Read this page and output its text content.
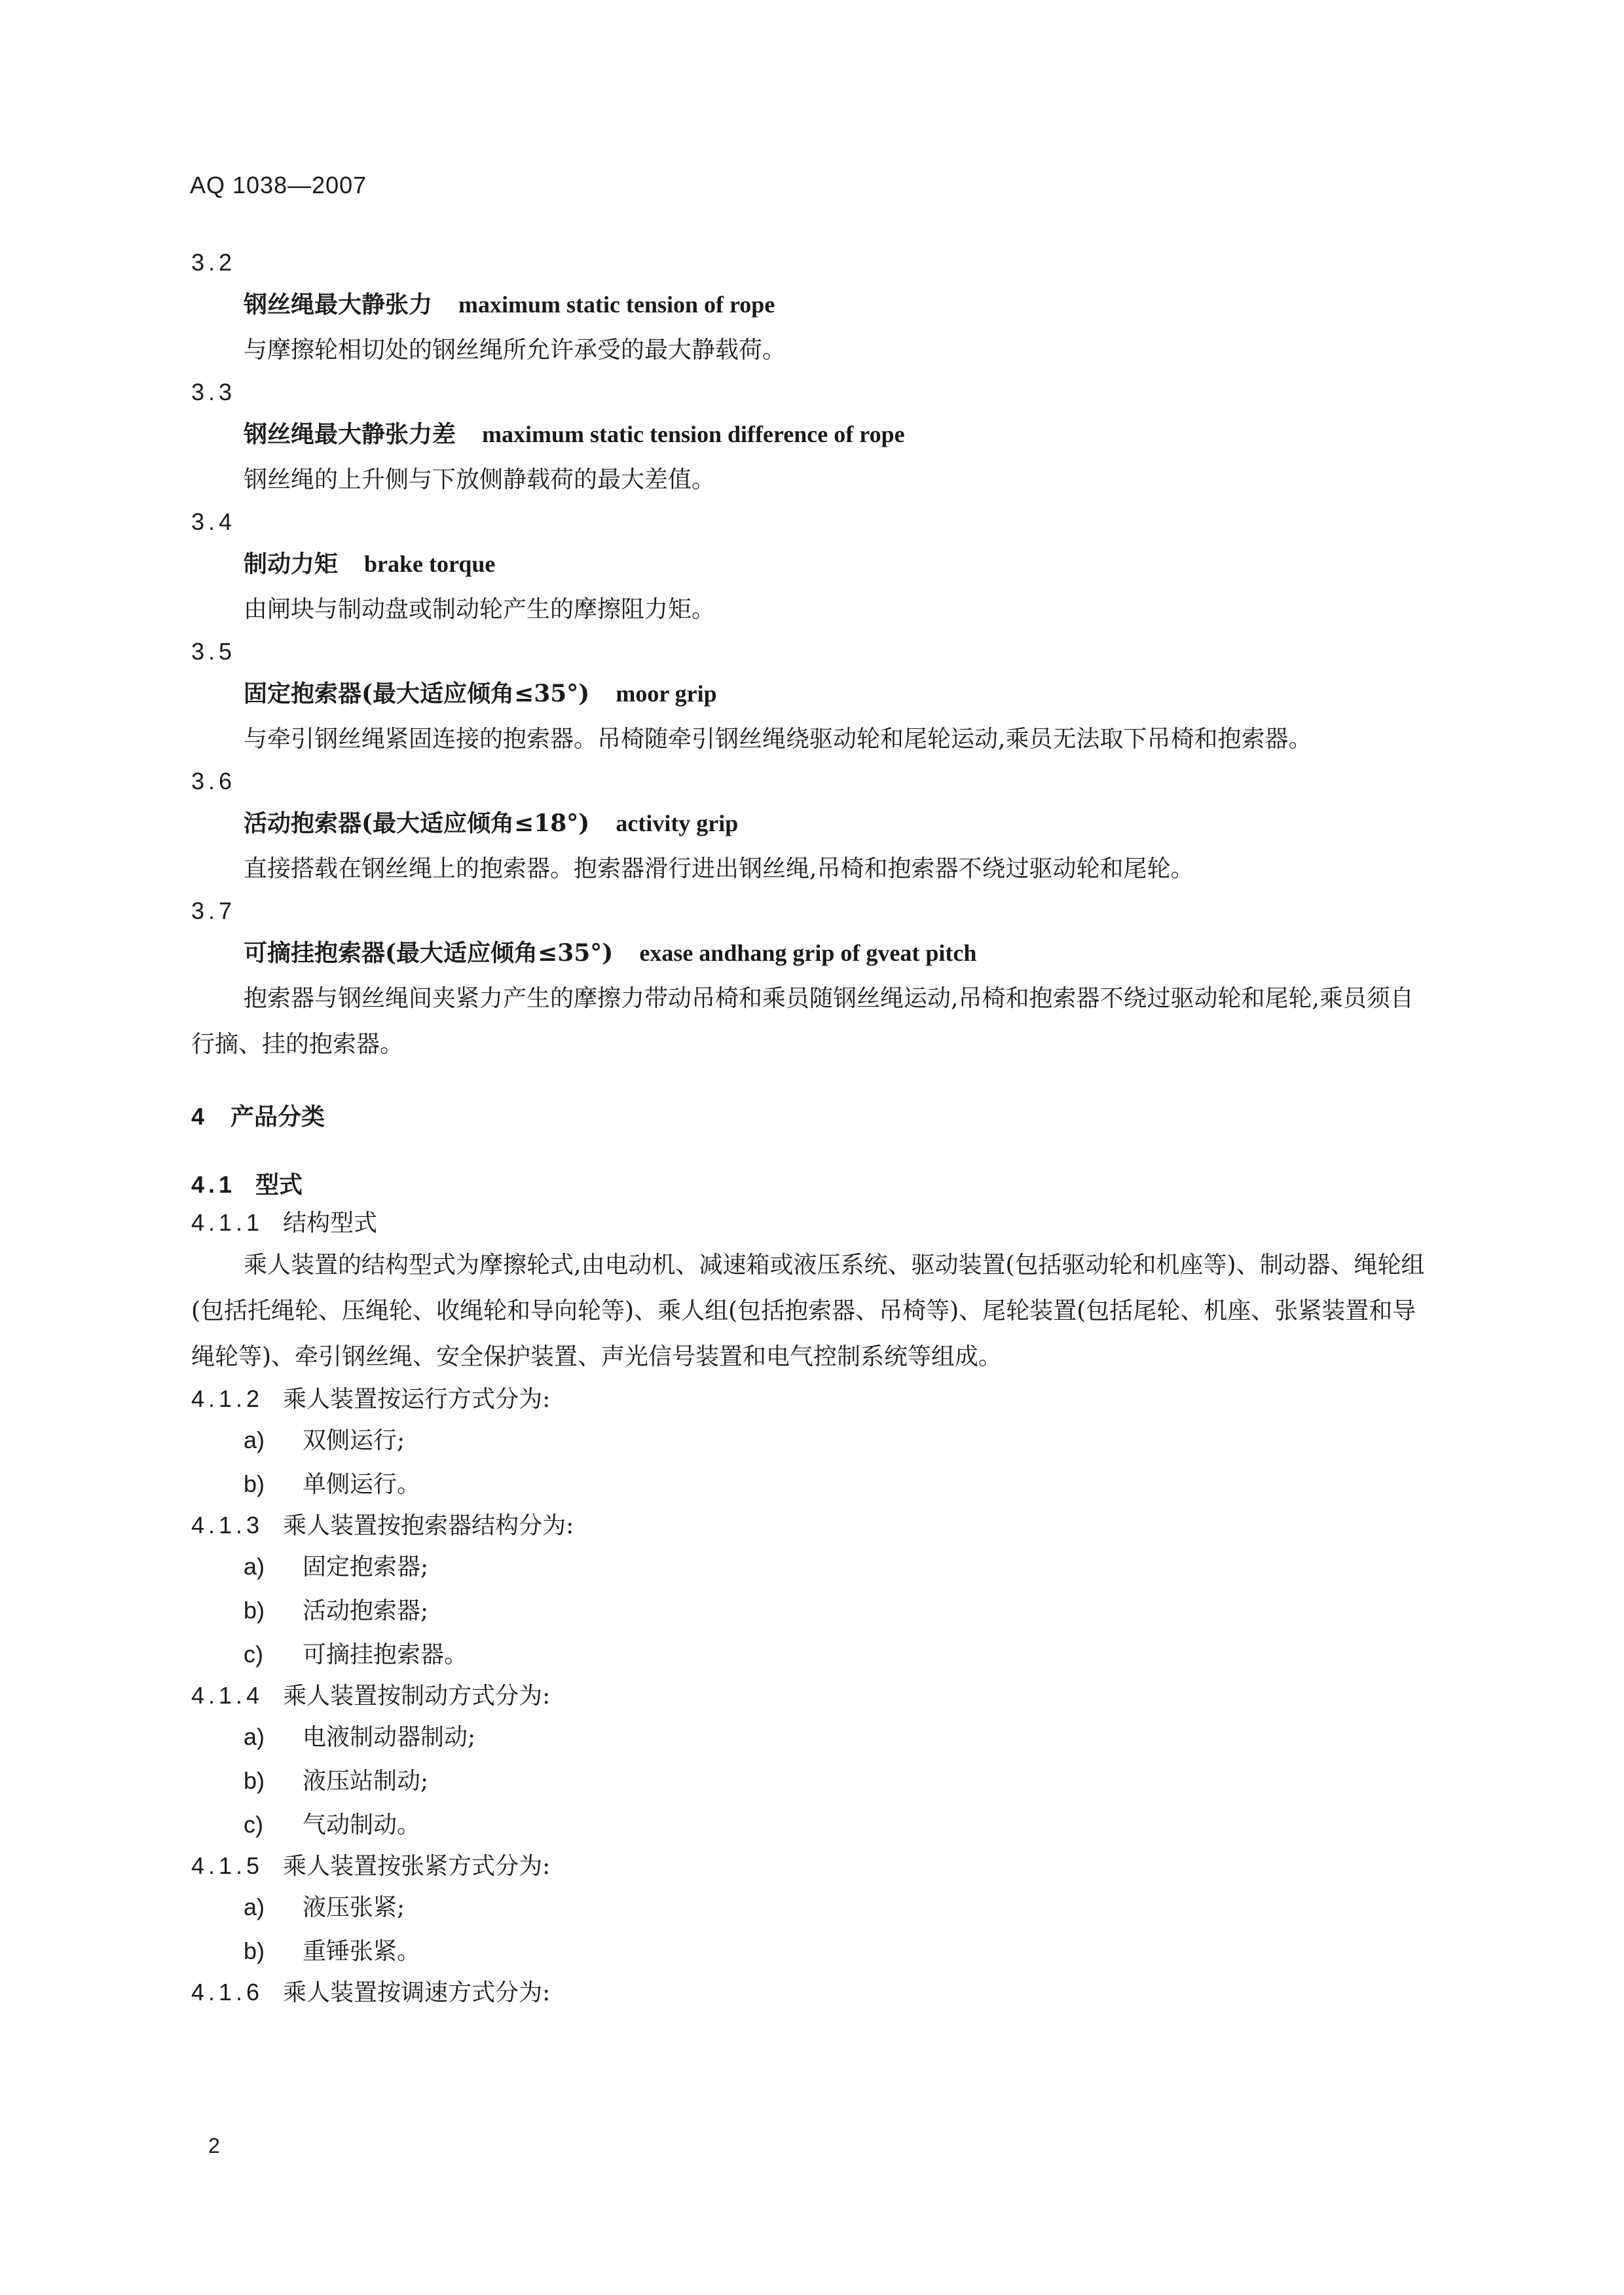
AQ 1038—2007
3.2
钢丝绳最大静张力 maximum static tension of rope

与摩擦轮相切处的钢丝绳所允许承受的最大静载荷。

3.3
钢丝绳最大静张力差 maximum static tension difference of rope

钢丝绳的上升侧与下放侧静载荷的最大差值。

3.4
制动力矩 brake torque

由闸块与制动盘或制动轮产生的摩擦阻力矩。

3.5
固定抱索器(最大适应倾角≤35°) moor grip

与牵引钢丝绳紧固连接的抱索器。吊椅随牵引钢丝绳绕驱动轮和尾轮运动,乘员无法取下吊椅和抱索器。

3.6
活动抱索器(最大适应倾角≤18°) activity grip

直接搭载在钢丝绳上的抱索器。抱索器滑行进出钢丝绳,吊椅和抱索器不绕过驱动轮和尾轮。

3.7
可摘挂抱索器(最大适应倾角≤35°) exase andhang grip of gveat pitch

抱索器与钢丝绳间夹紧力产生的摩擦力带动吊椅和乘员随钢丝绳运动,吊椅和抱索器不绕过驱动轮和尾轮,乘员须自行摘、挂的抱索器。

4 产品分类
4.1 型式
4.1.1 结构型式

乘人装置的结构型式为摩擦轮式,由电动机、减速箱或液压系统、驱动装置(包括驱动轮和机座等)、制动器、绳轮组(包括托绳轮、压绳轮、收绳轮和导向轮等)、乘人组(包括抱索器、吊椅等)、尾轮装置(包括尾轮、机座、张紧装置和导绳轮等)、牵引钢丝绳、安全保护装置、声光信号装置和电气控制系统等组成。

4.1.2 乘人装置按运行方式分为:
a) 双侧运行;
b) 单侧运行。
4.1.3 乘人装置按抱索器结构分为:
a) 固定抱索器;
b) 活动抱索器;
c) 可摘挂抱索器。
4.1.4 乘人装置按制动方式分为:
a) 电液制动器制动;
b) 液压站制动;
c) 气动制动。
4.1.5 乘人装置按张紧方式分为:
a) 液压张紧;
b) 重锤张紧。
4.1.6 乘人装置按调速方式分为:
2
